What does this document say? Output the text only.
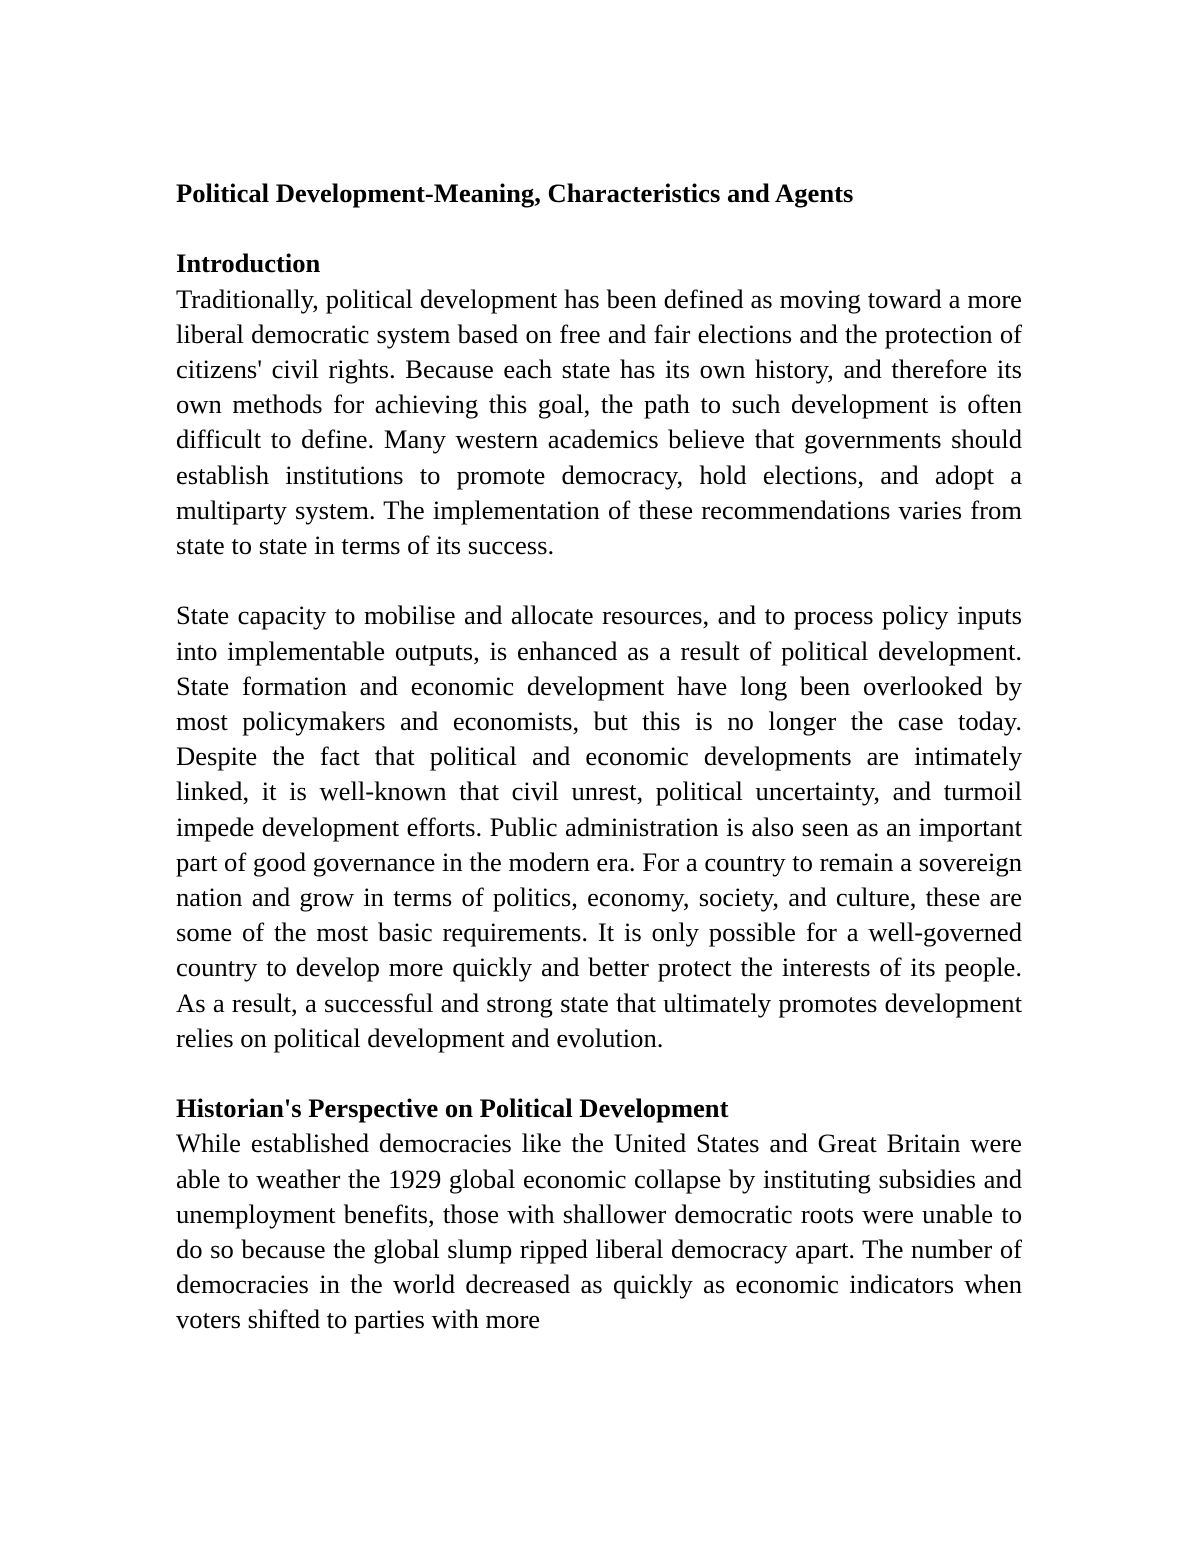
Political Development-Meaning, Characteristics and Agents
Introduction

Traditionally, political development has been defined as moving toward a more liberal democratic system based on free and fair elections and the protection of citizens' civil rights. Because each state has its own history, and therefore its own methods for achieving this goal, the path to such development is often difficult to define. Many western academics believe that governments should establish institutions to promote democracy, hold elections, and adopt a multiparty system. The implementation of these recommendations varies from state to state in terms of its success.

State capacity to mobilise and allocate resources, and to process policy inputs into implementable outputs, is enhanced as a result of political development. State formation and economic development have long been overlooked by most policymakers and economists, but this is no longer the case today. Despite the fact that political and economic developments are intimately linked, it is well-known that civil unrest, political uncertainty, and turmoil impede development efforts. Public administration is also seen as an important part of good governance in the modern era. For a country to remain a sovereign nation and grow in terms of politics, economy, society, and culture, these are some of the most basic requirements. It is only possible for a well-governed country to develop more quickly and better protect the interests of its people. As a result, a successful and strong state that ultimately promotes development relies on political development and evolution.

Historian's Perspective on Political Development

While established democracies like the United States and Great Britain were able to weather the 1929 global economic collapse by instituting subsidies and unemployment benefits, those with shallower democratic roots were unable to do so because the global slump ripped liberal democracy apart. The number of democracies in the world decreased as quickly as economic indicators when voters shifted to parties with more
